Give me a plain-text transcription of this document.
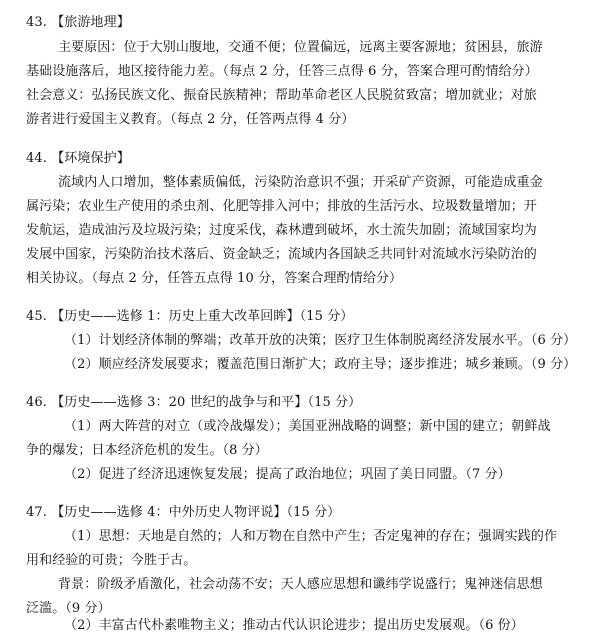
43. 【旅游地理】
主要原因：位于大别山腹地，交通不便；位置偏远，远离主要客源地；贫困县，旅游
基础设施落后，地区接待能力差。（每点 2 分，任答三点得 6 分，答案合理可酌情给分）
社会意义：弘扬民族文化、振奋民族精神；帮助革命老区人民脱贫致富；增加就业；对旅
游者进行爱国主义教育。（每点 2 分，任答两点得 4 分）
44. 【环境保护】
流域内人口增加，整体素质偏低，污染防治意识不强；开采矿产资源，可能造成重金
属污染；农业生产使用的杀虫剂、化肥等排入河中；排放的生活污水、垃圾数量增加；开
发航运，造成油污及垃圾污染；过度采伐，森林遭到破坏，水土流失加剧；流域国家均为
发展中国家，污染防治技术落后、资金缺乏；流域内各国缺乏共同针对流域水污染防治的
相关协议。（每点 2 分，任答五点得 10 分，答案合理酌情给分）
45. 【历史——选修 1：历史上重大改革回眸】（15 分）
（1）计划经济体制的弊端；改革开放的决策；医疗卫生体制脱离经济发展水平。（6 分）
（2）顺应经济发展要求；覆盖范围日渐扩大；政府主导；逐步推进；城乡兼顾。（9 分）
46. 【历史——选修 3：20 世纪的战争与和平】（15 分）
（1）两大阵营的对立（或冷战爆发）；美国亚洲战略的调整；新中国的建立；朝鲜战
争的爆发；日本经济危机的发生。（8 分）
（2）促进了经济迅速恢复发展；提高了政治地位；巩固了美日同盟。（7 分）
47. 【历史——选修 4：中外历史人物评说】（15 分）
（1）思想：天地是自然的；人和万物在自然中产生；否定鬼神的存在；强调实践的作
用和经验的可贵；今胜于古。
背景：阶级矛盾激化，社会动荡不安；天人感应思想和谶纬学说盛行；鬼神迷信思想
泛滥。（9 分）
（2）丰富古代朴素唯物主义；推动古代认识论进步；提出历史发展观。（6 份）
